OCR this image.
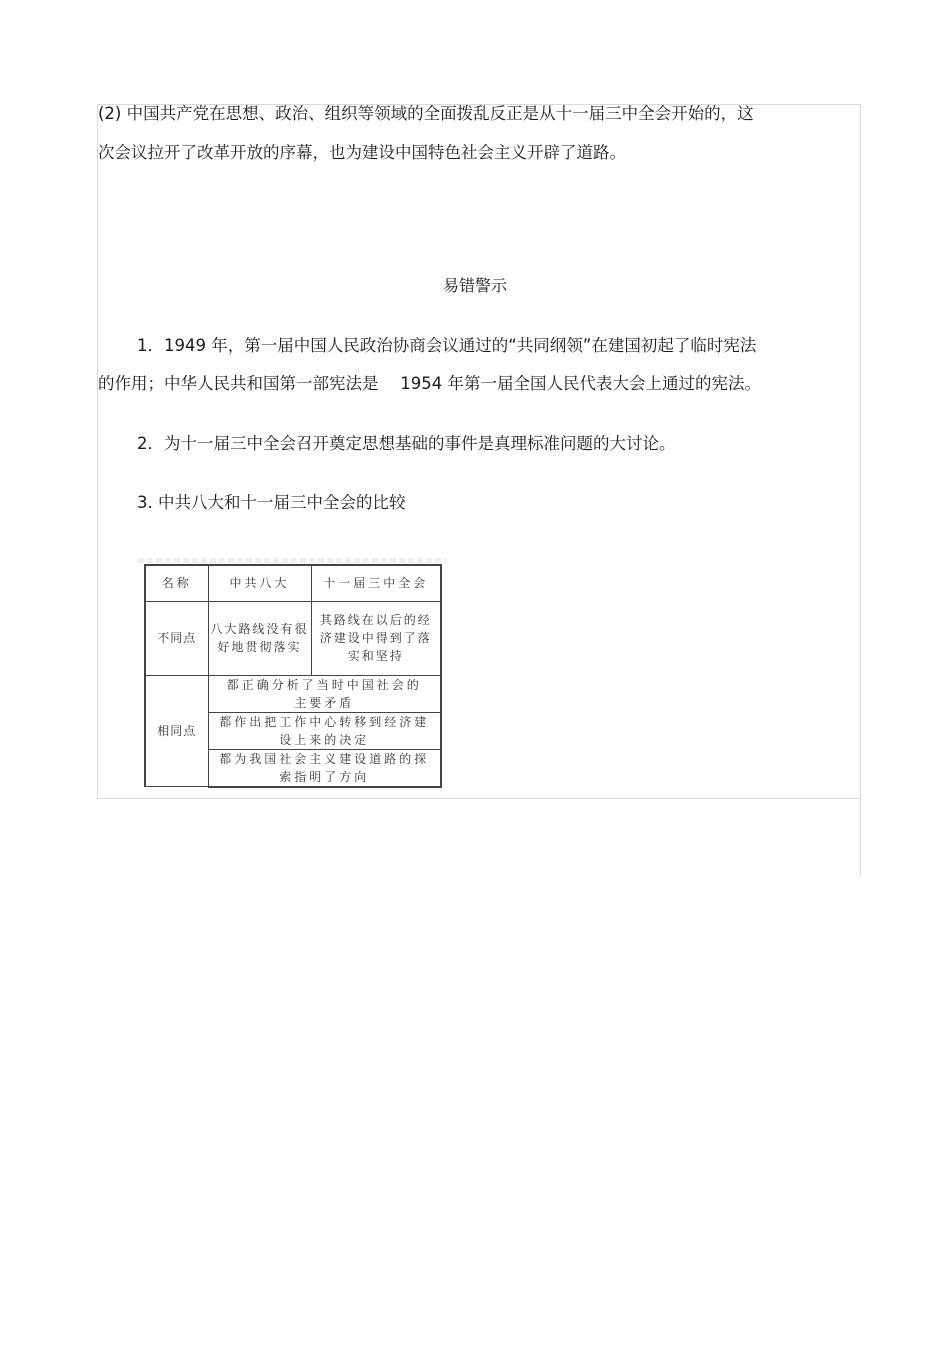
(2) 中国共产党在思想、政治、组织等领域的全面拨乱反正是从十一届三中全会开始的，这

次会议拉开了改革开放的序幕，也为建设中国特色社会主义开辟了道路。

易错警示

1．1949 年，第一届中国人民政治协商会议通过的“共同纲领”在建国初起了临时宪法

的作用；中华人民共和国第一部宪法是　 1954 年第一届全国人民代表大会上通过的宪法。

2．为十一届三中全会召开奠定思想基础的事件是真理标准问题的大讨论。

3. 中共八大和十一届三中全会的比较

名称	中共八大	十一届三中全会
不同点	八大路线没有很好地贯彻落实	其路线在以后的经济建设中得到了落实和坚持
相同点	都正确分析了当时中国社会的主要矛盾	
	都作出把工作中心转移到经济建设上来的决定	
	都为我国社会主义建设道路的探索指明了方向	
